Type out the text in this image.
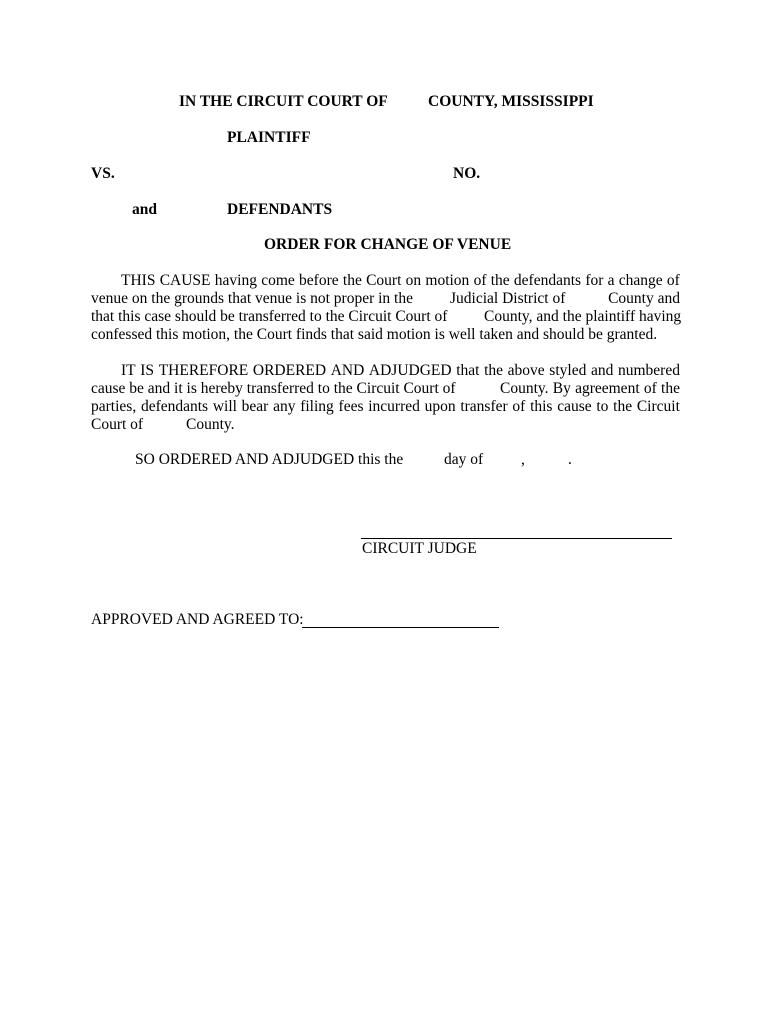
IN THE CIRCUIT COURT OF	COUNTY, MISSISSIPPI
PLAINTIFF
VS.	NO.
and	DEFENDANTS
ORDER FOR CHANGE OF VENUE
THIS CAUSE having come before the Court on motion of the defendants for a change of
venue on the grounds that venue is not proper in the Judicial District of	County and
that this case should be transferred to the Circuit Court of County, and the plaintiff having
confessed this motion, the Court finds that said motion is well taken and should be granted.
IT IS THEREFORE ORDERED AND ADJUDGED that the above styled and numbered
cause be and it is hereby transferred to the Circuit Court of	County. By agreement of the
parties, defendants will bear any filing fees incurred upon transfer of this cause to the Circuit
Court of	County.
SO ORDERED AND ADJUDGED this the	day of ,	.
CIRCUIT JUDGE
APPROVED AND AGREED TO:
